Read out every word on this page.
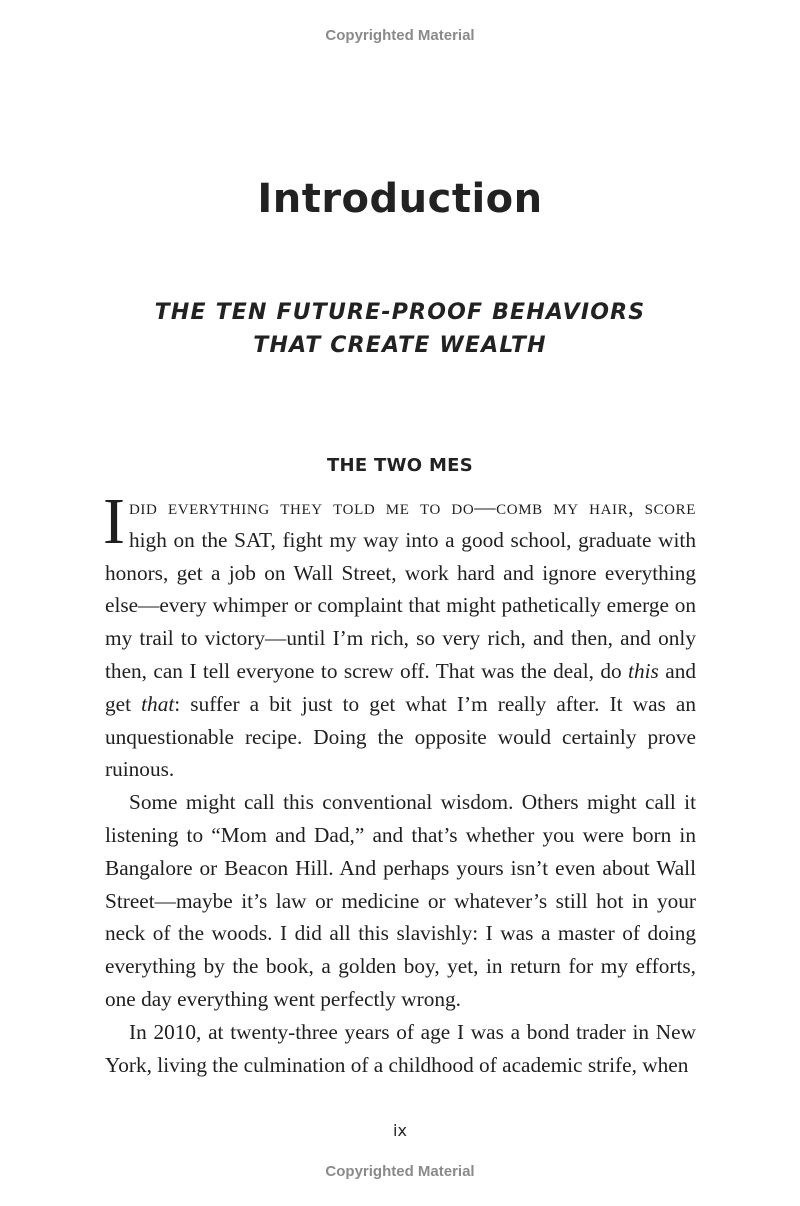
Copyrighted Material
Introduction
THE TEN FUTURE-PROOF BEHAVIORS
THAT CREATE WEALTH
THE TWO MES

I did everything they told me to do—comb my hair, score high on the SAT, fight my way into a good school, graduate with honors, get a job on Wall Street, work hard and ignore everything else—every whimper or complaint that might pathetically emerge on my trail to victory—until I’m rich, so very rich, and then, and only then, can I tell everyone to screw off. That was the deal, do this and get that: suffer a bit just to get what I’m really after. It was an unquestionable recipe. Doing the opposite would certainly prove ruinous.

Some might call this conventional wisdom. Others might call it listening to “Mom and Dad,” and that’s whether you were born in Bangalore or Beacon Hill. And perhaps yours isn’t even about Wall Street—maybe it’s law or medicine or whatever’s still hot in your neck of the woods. I did all this slavishly: I was a master of doing everything by the book, a golden boy, yet, in return for my efforts, one day everything went perfectly wrong.

In 2010, at twenty-three years of age I was a bond trader in New York, living the culmination of a childhood of academic strife, when

ix
Copyrighted Material
